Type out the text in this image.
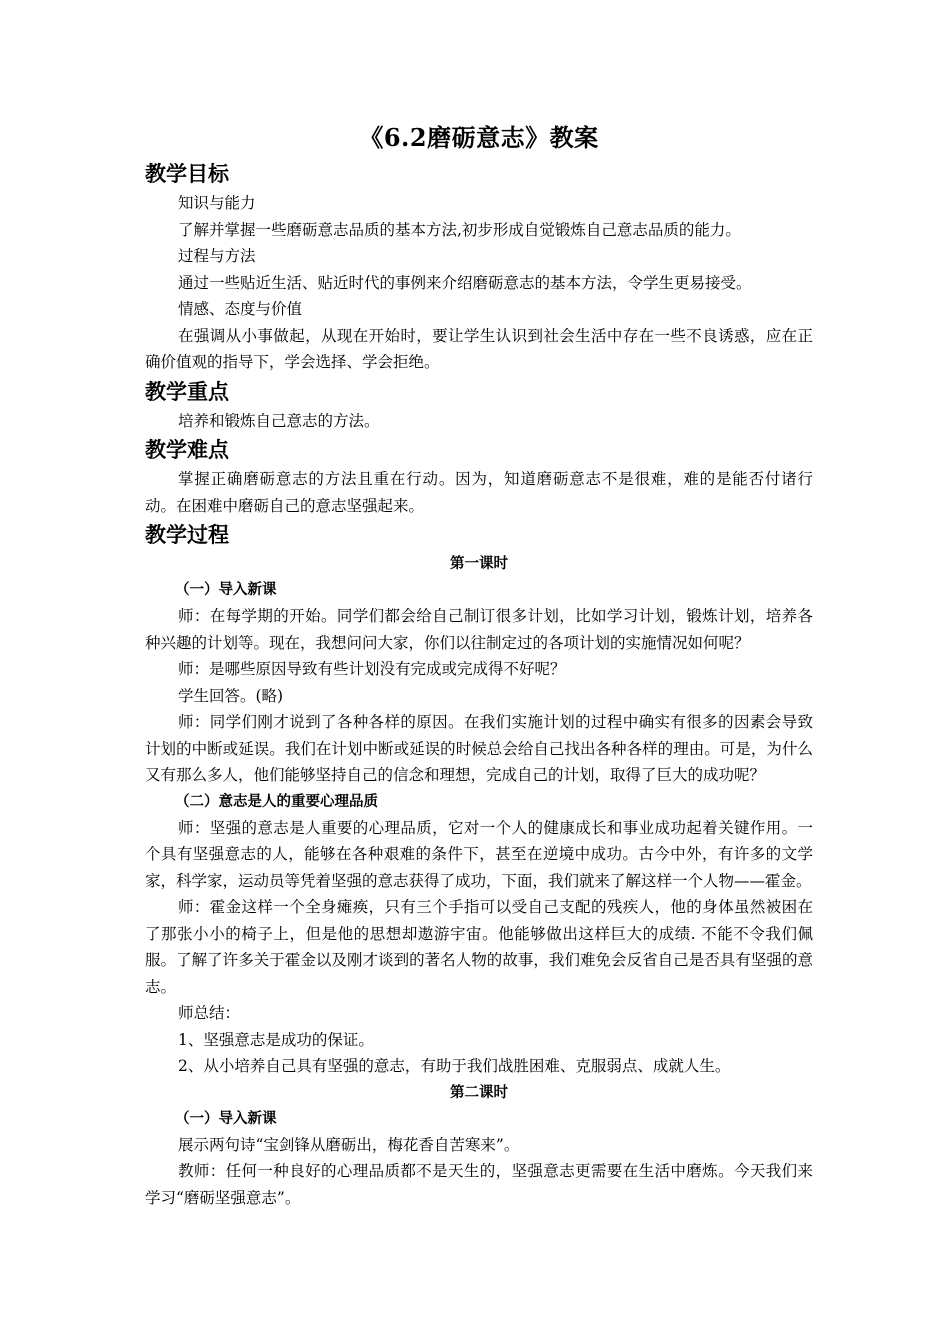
《6.2磨砺意志》教案
教学目标

知识与能力

了解并掌握一些磨砺意志品质的基本方法,初步形成自觉锻炼自己意志品质的能力。

过程与方法

通过一些贴近生活、贴近时代的事例来介绍磨砺意志的基本方法，令学生更易接受。

情感、态度与价值

在强调从小事做起，从现在开始时，要让学生认识到社会生活中存在一些不良诱惑，应在正确价值观的指导下，学会选择、学会拒绝。

教学重点

培养和锻炼自己意志的方法。

教学难点

掌握正确磨砺意志的方法且重在行动。因为，知道磨砺意志不是很难，难的是能否付诸行动。在困难中磨砺自己的意志坚强起来。

教学过程
第一课时
（一）导入新课

师：在每学期的开始。同学们都会给自己制订很多计划，比如学习计划，锻炼计划，培养各种兴趣的计划等。现在，我想问问大家，你们以往制定过的各项计划的实施情况如何呢？

师：是哪些原因导致有些计划没有完成或完成得不好呢？

学生回答。(略)

师：同学们刚才说到了各种各样的原因。在我们实施计划的过程中确实有很多的因素会导致计划的中断或延误。我们在计划中断或延误的时候总会给自己找出各种各样的理由。可是，为什么又有那么多人，他们能够坚持自己的信念和理想，完成自己的计划，取得了巨大的成功呢？

（二）意志是人的重要心理品质

师：坚强的意志是人重要的心理品质，它对一个人的健康成长和事业成功起着关键作用。一个具有坚强意志的人，能够在各种艰难的条件下，甚至在逆境中成功。古今中外，有许多的文学家，科学家，运动员等凭着坚强的意志获得了成功，下面，我们就来了解这样一个人物——霍金。

师：霍金这样一个全身瘫痪，只有三个手指可以受自己支配的残疾人，他的身体虽然被困在了那张小小的椅子上，但是他的思想却遨游宇宙。他能够做出这样巨大的成绩. 不能不令我们佩服。了解了许多关于霍金以及刚才谈到的著名人物的故事，我们难免会反省自己是否具有坚强的意志。

师总结：

1、坚强意志是成功的保证。

2、从小培养自己具有坚强的意志，有助于我们战胜困难、克服弱点、成就人生。

第二课时
（一）导入新课

展示两句诗“宝剑锋从磨砺出，梅花香自苦寒来”。

教师：任何一种良好的心理品质都不是天生的，坚强意志更需要在生活中磨炼。今天我们来学习“磨砺坚强意志”。
